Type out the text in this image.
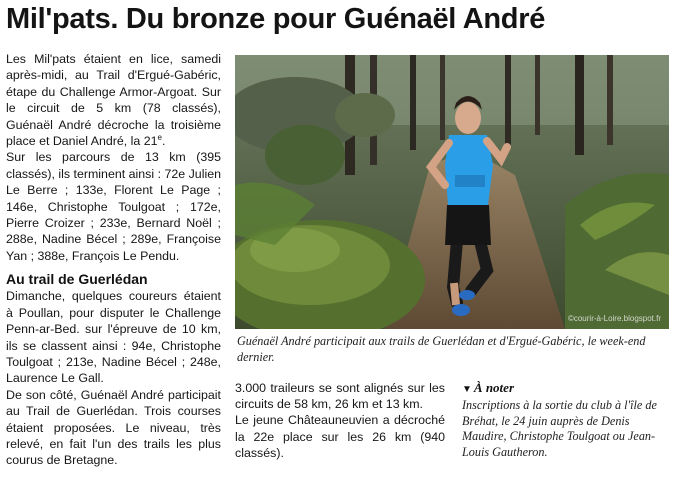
Mil'pats. Du bronze pour Guénaël André

Les Mil'pats étaient en lice, samedi après-midi, au Trail d'Ergué-Gabéric, étape du Challenge Armor-Argoat. Sur le circuit de 5 km (78 classés), Guénaël André décroche la troisième place et Daniel André, la 21e.

Sur les parcours de 13 km (395 classés), ils terminent ainsi : 72e Julien Le Berre ; 133e, Florent Le Page ; 146e, Christophe Toulgoat ; 172e, Pierre Croizer ; 233e, Bernard Noël ; 288e, Nadine Bécel ; 289e, Françoise Yan ; 388e, François Le Pendu.

Au trail de Guerlédan

Dimanche, quelques coureurs étaient à Poullan, pour disputer le Challenge Penn-ar-Bed. sur l'épreuve de 10 km, ils se classent ainsi : 94e, Christophe Toulgoat ; 213e, Nadine Bécel ; 248e, Laurence Le Gall.

De son côté, Guénaël André participait au Trail de Guerlédan. Trois courses étaient proposées. Le niveau, très relevé, en fait l'un des trails les plus courus de Bretagne.

©courir-à-Loire.blogspot.fr
Guénaël André participait aux trails de Guerlédan et d'Ergué-Gabéric, le week-end dernier.

3.000 traileurs se sont alignés sur les circuits de 58 km, 26 km et 13 km.

Le jeune Châteauneuvien a décroché la 22e place sur les 26 km (940 classés).

▼ À noter
Inscriptions à la sortie du club à l'île de Bréhat, le 24 juin auprès de Denis Maudire, Christophe Toulgoat ou Jean-Louis Gautheron.
